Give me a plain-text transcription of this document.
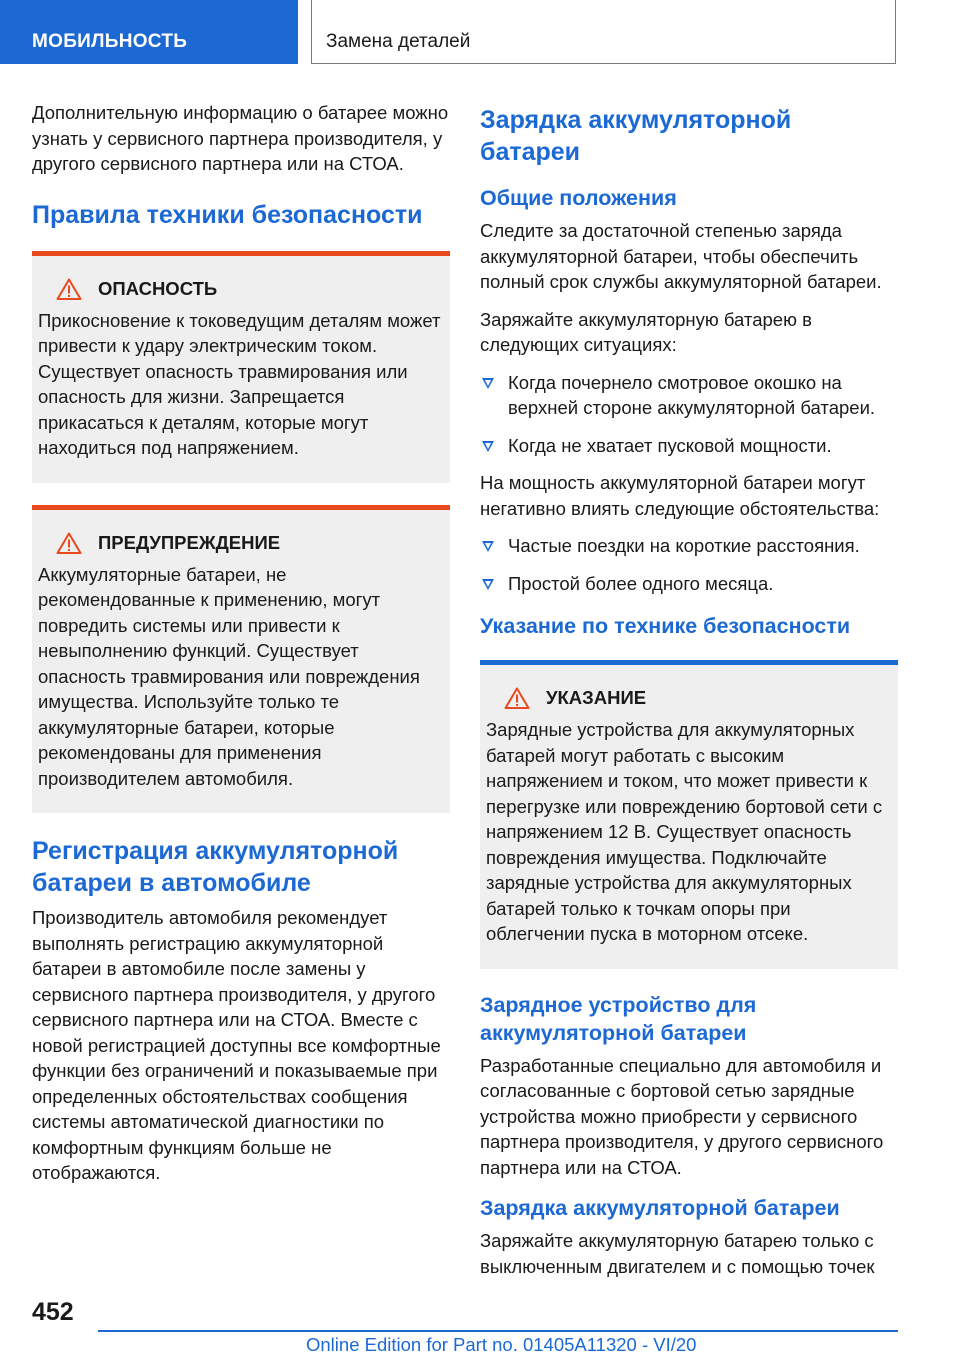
МОБИЛЬНОСТЬ	Замена деталей

Дополнительную информацию о батарее можно узнать у сервисного партнера производителя, у другого сервисного партнера или на СТОА.

Правила техники безопасности
ОПАСНОСТЬ

Прикосновение к токоведущим деталям может привести к удару электрическим током. Существует опасность травмирования или опасность для жизни. Запрещается прикасаться к деталям, которые могут находиться под напряжением.

ПРЕДУПРЕЖДЕНИЕ

Аккумуляторные батареи, не рекомендованные к применению, могут повредить системы или привести к невыполнению функций. Существует опасность травмирования или повреждения имущества. Используйте только те аккумуляторные батареи, которые рекомендованы для применения производителем автомобиля.

Регистрация аккумуляторной батареи в автомобиле

Производитель автомобиля рекомендует выполнять регистрацию аккумуляторной батареи в автомобиле после замены у сервисного партнера производителя, у другого сервисного партнера или на СТОА. Вместе с новой регистрацией доступны все комфортные функции без ограничений и показываемые при определенных обстоятельствах сообщения системы автоматической диагностики по комфортным функциям больше не отображаются.

Зарядка аккумуляторной батареи
Общие положения

Следите за достаточной степенью заряда аккумуляторной батареи, чтобы обеспечить полный срок службы аккумуляторной батареи.

Заряжайте аккумуляторную батарею в следующих ситуациях:

Когда почернело смотровое окошко на верхней стороне аккумуляторной батареи.
Когда не хватает пусковой мощности.

На мощность аккумуляторной батареи могут негативно влиять следующие обстоятельства:

Частые поездки на короткие расстояния.
Простой более одного месяца.
Указание по технике безопасности
УКАЗАНИЕ

Зарядные устройства для аккумуляторных батарей могут работать с высоким напряжением и током, что может привести к перегрузке или повреждению бортовой сети с напряжением 12 В. Существует опасность повреждения имущества. Подключайте зарядные устройства для аккумуляторных батарей только к точкам опоры при облегчении пуска в моторном отсеке.

Зарядное устройство для аккумуляторной батареи

Разработанные специально для автомобиля и согласованные с бортовой сетью зарядные устройства можно приобрести у сервисного партнера производителя, у другого сервисного партнера или на СТОА.

Зарядка аккумуляторной батареи

Заряжайте аккумуляторную батарею только с выключенным двигателем и с помощью точек

452
Online Edition for Part no. 01405A11320 - VI/20
